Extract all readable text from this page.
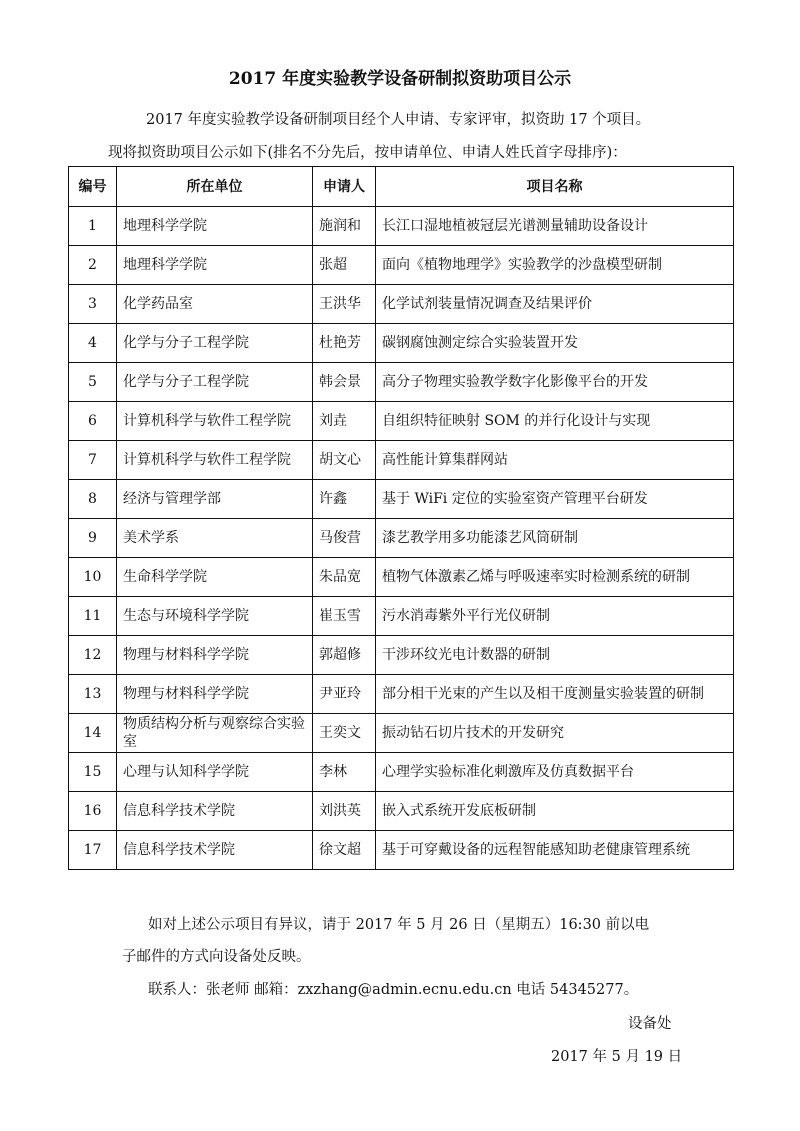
2017 年度实验教学设备研制拟资助项目公示
2017 年度实验教学设备研制项目经个人申请、专家评审，拟资助 17 个项目。
现将拟资助项目公示如下(排名不分先后，按申请单位、申请人姓氏首字母排序)：
编号	所在单位	申请人	项目名称
1	地理科学学院	施润和	长江口湿地植被冠层光谱测量辅助设备设计
2	地理科学学院	张超	面向《植物地理学》实验教学的沙盘模型研制
3	化学药品室	王洪华	化学试剂装量情况调查及结果评价
4	化学与分子工程学院	杜艳芳	碳钢腐蚀测定综合实验装置开发
5	化学与分子工程学院	韩会景	高分子物理实验教学数字化影像平台的开发
6	计算机科学与软件工程学院	刘垚	自组织特征映射 SOM 的并行化设计与实现
7	计算机科学与软件工程学院	胡文心	高性能计算集群网站
8	经济与管理学部	许鑫	基于 WiFi 定位的实验室资产管理平台研发
9	美术学系	马俊营	漆艺教学用多功能漆艺风筒研制
10	生命科学学院	朱品宽	植物气体激素乙烯与呼吸速率实时检测系统的研制
11	生态与环境科学学院	崔玉雪	污水消毒紫外平行光仪研制
12	物理与材料科学学院	郭超修	干涉环纹光电计数器的研制
13	物理与材料科学学院	尹亚玲	部分相干光束的产生以及相干度测量实验装置的研制
14	物质结构分析与观察综合实验室	王奕文	振动钻石切片技术的开发研究
15	心理与认知科学学院	李林	心理学实验标准化刺激库及仿真数据平台
16	信息科学技术学院	刘洪英	嵌入式系统开发底板研制
17	信息科学技术学院	徐文超	基于可穿戴设备的远程智能感知助老健康管理系统
如对上述公示项目有异议，请于 2017 年 5 月 26 日（星期五）16:30 前以电
子邮件的方式向设备处反映。
联系人：张老师 邮箱：zxzhang@admin.ecnu.edu.cn 电话 54345277。
设备处
2017 年 5 月 19 日
